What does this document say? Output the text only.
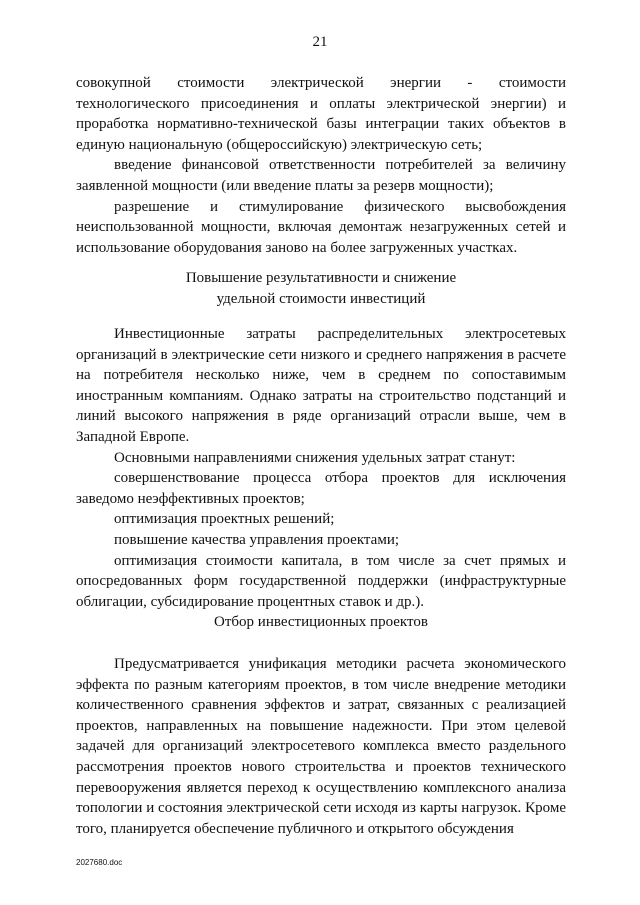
21

совокупной стоимости электрической энергии - стоимости технологического присоединения и оплаты электрической энергии) и проработка нормативно-технической базы интеграции таких объектов в единую национальную (общероссийскую) электрическую сеть;

введение финансовой ответственности потребителей за величину заявленной мощности (или введение платы за резерв мощности);

разрешение и стимулирование физического высвобождения неиспользованной мощности, включая демонтаж незагруженных сетей и использование оборудования заново на более загруженных участках.

Повышение результативности и снижение

удельной стоимости инвестиций

Инвестиционные затраты распределительных электросетевых организаций в электрические сети низкого и среднего напряжения в расчете на потребителя несколько ниже, чем в среднем по сопоставимым иностранным компаниям. Однако затраты на строительство подстанций и линий высокого напряжения в ряде организаций отрасли выше, чем в Западной Европе.

Основными направлениями снижения удельных затрат станут:

совершенствование процесса отбора проектов для исключения заведомо неэффективных проектов;

оптимизация проектных решений;

повышение качества управления проектами;

оптимизация стоимости капитала, в том числе за счет прямых и опосредованных форм государственной поддержки (инфраструктурные облигации, субсидирование процентных ставок и др.).

Отбор инвестиционных проектов

Предусматривается унификация методики расчета экономического эффекта по разным категориям проектов, в том числе внедрение методики количественного сравнения эффектов и затрат, связанных с реализацией проектов, направленных на повышение надежности. При этом целевой задачей для организаций электросетевого комплекса вместо раздельного рассмотрения проектов нового строительства и проектов технического перевооружения является переход к осуществлению комплексного анализа топологии и состояния электрической сети исходя из карты нагрузок. Кроме того, планируется обеспечение публичного и открытого обсуждения

2027680.doc
